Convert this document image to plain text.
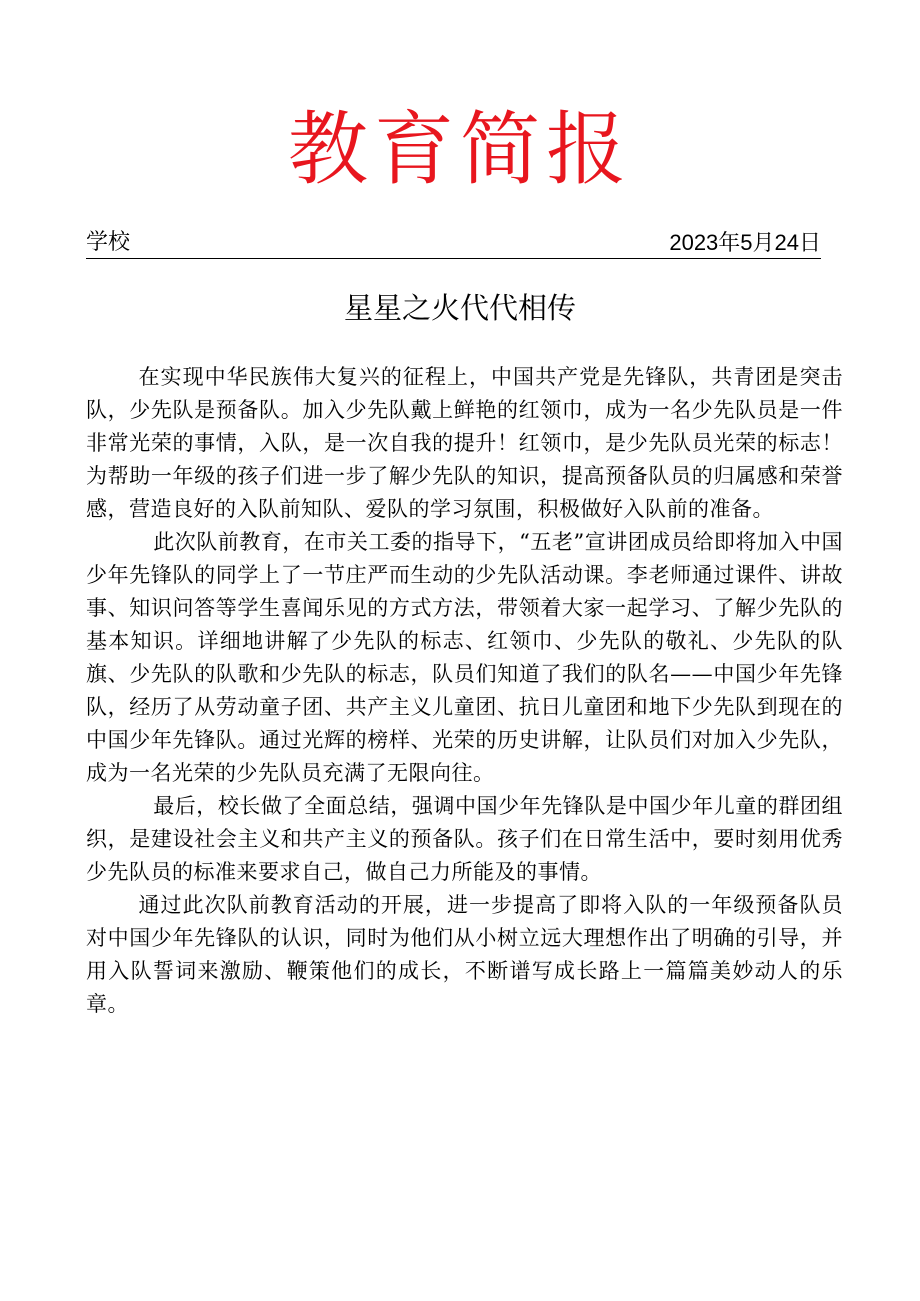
教育简报
学校	2023年5月24日
星星之火代代相传

在实现中华民族伟大复兴的征程上，中国共产党是先锋队，共青团是突击队，少先队是预备队。加入少先队戴上鲜艳的红领巾，成为一名少先队员是一件非常光荣的事情，入队，是一次自我的提升！红领巾，是少先队员光荣的标志！为帮助一年级的孩子们进一步了解少先队的知识，提高预备队员的归属感和荣誉感，营造良好的入队前知队、爱队的学习氛围，积极做好入队前的准备。

此次队前教育，在市关工委的指导下，“五老”宣讲团成员给即将加入中国少年先锋队的同学上了一节庄严而生动的少先队活动课。李老师通过课件、讲故事、知识问答等学生喜闻乐见的方式方法，带领着大家一起学习、了解少先队的基本知识。详细地讲解了少先队的标志、红领巾、少先队的敬礼、少先队的队旗、少先队的队歌和少先队的标志，队员们知道了我们的队名——中国少年先锋队，经历了从劳动童子团、共产主义儿童团、抗日儿童团和地下少先队到现在的中国少年先锋队。通过光辉的榜样、光荣的历史讲解，让队员们对加入少先队，成为一名光荣的少先队员充满了无限向往。

最后，校长做了全面总结，强调中国少年先锋队是中国少年儿童的群团组织，是建设社会主义和共产主义的预备队。孩子们在日常生活中，要时刻用优秀少先队员的标准来要求自己，做自己力所能及的事情。

通过此次队前教育活动的开展，进一步提高了即将入队的一年级预备队员对中国少年先锋队的认识，同时为他们从小树立远大理想作出了明确的引导，并用入队誓词来激励、鞭策他们的成长，不断谱写成长路上一篇篇美妙动人的乐章。
